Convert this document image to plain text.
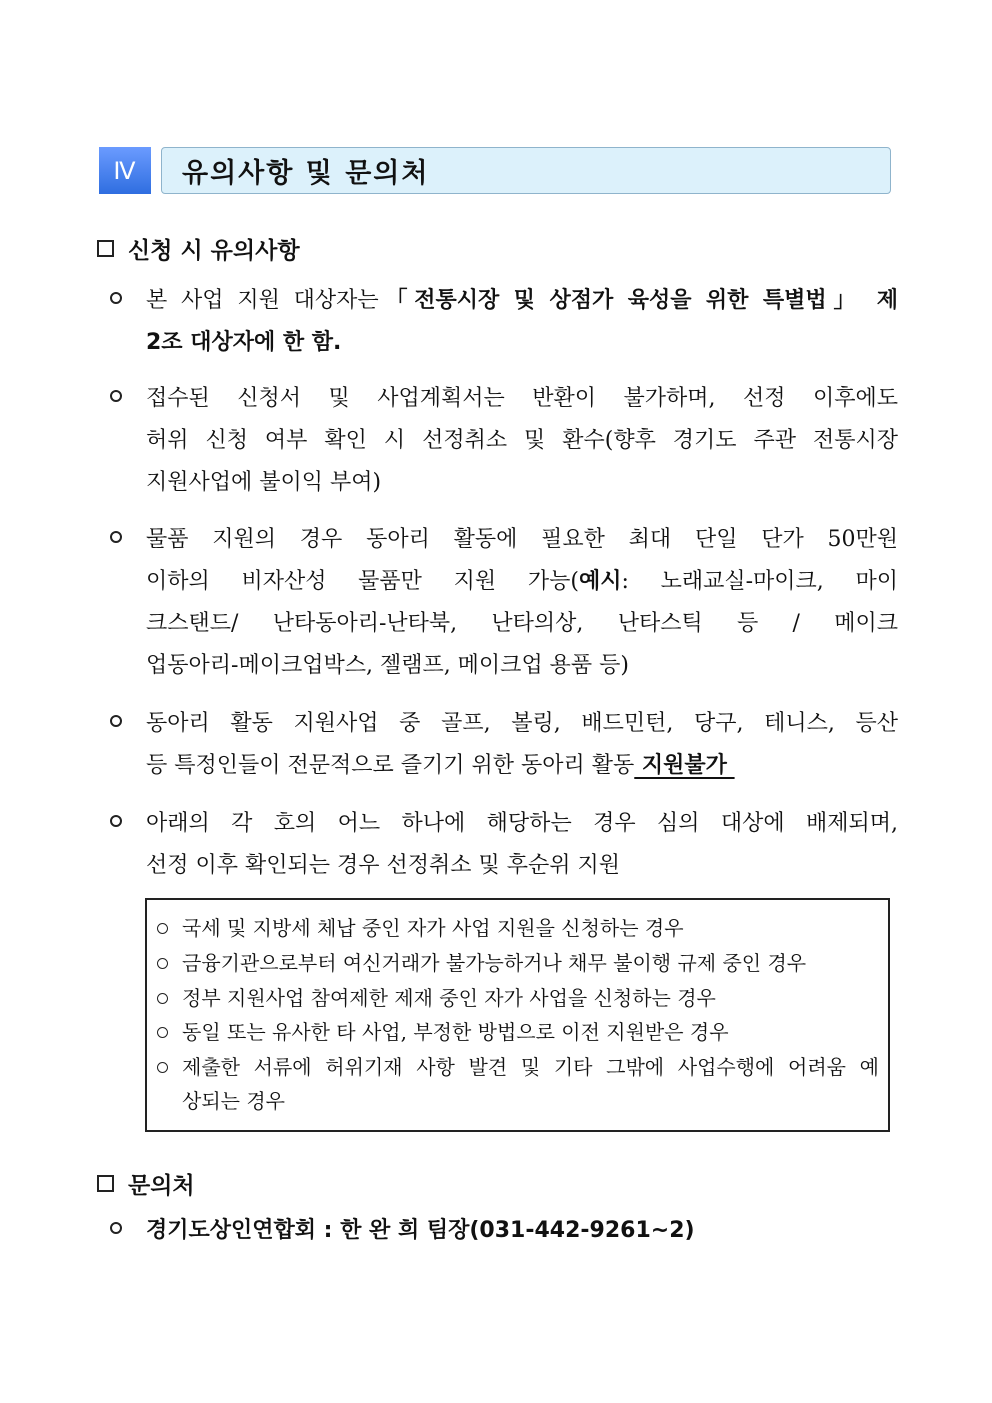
Ⅳ	유의사항 및 문의처
신청 시 유의사항
본 사업 지원 대상자는「전통시장 및 상점가 육성을 위한 특별법」 제
2조 대상자에 한 함.
접수된 신청서 및 사업계획서는 반환이 불가하며, 선정 이후에도
허위 신청 여부 확인 시 선정취소 및 환수(향후 경기도 주관 전통시장
지원사업에 불이익 부여)
물품 지원의 경우 동아리 활동에 필요한 최대 단일 단가 50만원
이하의 비자산성 물품만 지원 가능(예시: 노래교실-마이크, 마이
크스탠드/ 난타동아리-난타북, 난타의상, 난타스틱 등 / 메이크
업동아리-메이크업박스, 젤램프, 메이크업 용품 등)
동아리 활동 지원사업 중 골프, 볼링, 배드민턴, 당구, 테니스, 등산
등 특정인들이 전문적으로 즐기기 위한 동아리 활동 지원불가
아래의 각 호의 어느 하나에 해당하는 경우 심의 대상에 배제되며,
선정 이후 확인되는 경우 선정취소 및 후순위 지원
국세 및 지방세 체납 중인 자가 사업 지원을 신청하는 경우
금융기관으로부터 여신거래가 불가능하거나 채무 불이행 규제 중인 경우
정부 지원사업 참여제한 제재 중인 자가 사업을 신청하는 경우
동일 또는 유사한 타 사업, 부정한 방법으로 이전 지원받은 경우
제출한 서류에 허위기재 사항 발견 및 기타 그밖에 사업수행에 어려움 예
상되는 경우
문의처
경기도상인연합회 : 한 완 희 팀장(031-442-9261~2)
